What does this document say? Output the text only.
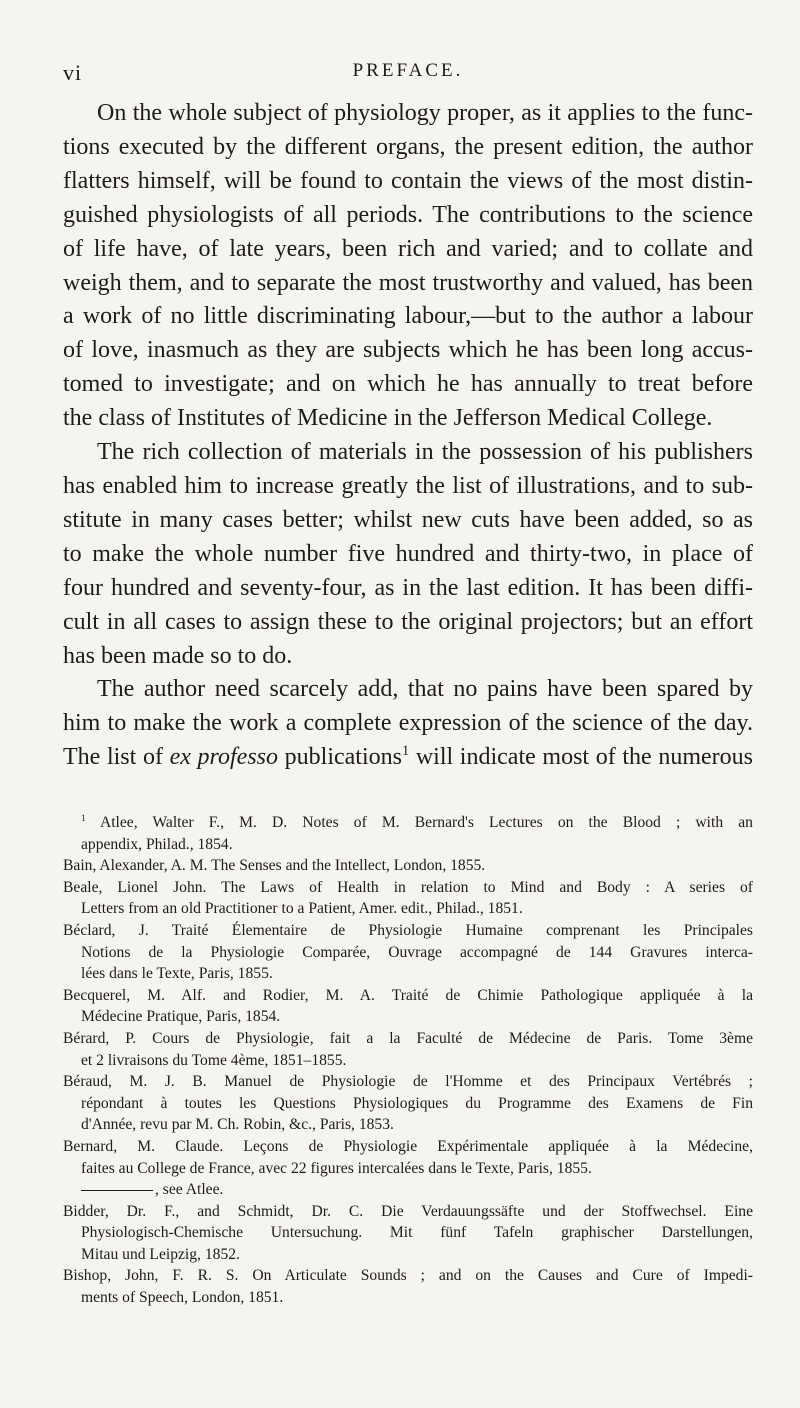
vi	PREFACE.
On the whole subject of physiology proper, as it applies to the func-
tions executed by the different organs, the present edition, the author
flatters himself, will be found to contain the views of the most distin-
guished physiologists of all periods. The contributions to the science
of life have, of late years, been rich and varied; and to collate and
weigh them, and to separate the most trustworthy and valued, has been
a work of no little discriminating labour,—but to the author a labour
of love, inasmuch as they are subjects which he has been long accus-
tomed to investigate; and on which he has annually to treat before
the class of Institutes of Medicine in the Jefferson Medical College.
The rich collection of materials in the possession of his publishers
has enabled him to increase greatly the list of illustrations, and to sub-
stitute in many cases better; whilst new cuts have been added, so as
to make the whole number five hundred and thirty-two, in place of
four hundred and seventy-four, as in the last edition. It has been diffi-
cult in all cases to assign these to the original projectors; but an effort
has been made so to do.
The author need scarcely add, that no pains have been spared by
him to make the work a complete expression of the science of the day.
The list of ex professo publications$^1$ will indicate most of the numerous
$^1$ Atlee, Walter F., M. D. Notes of M. Bernard's Lectures on the Blood ; with an
appendix, Philad., 1854.
Bain, Alexander, A. M. The Senses and the Intellect, London, 1855.
Beale, Lionel John. The Laws of Health in relation to Mind and Body : A series of
Letters from an old Practitioner to a Patient, Amer. edit., Philad., 1851.
Béclard, J. Traité Élementaire de Physiologie Humaine comprenant les Principales
Notions de la Physiologie Comparée, Ouvrage accompagné de 144 Gravures interca-
lées dans le Texte, Paris, 1855.
Becquerel, M. Alf. and Rodier, M. A. Traité de Chimie Pathologique appliquée à la
Médecine Pratique, Paris, 1854.
Bérard, P. Cours de Physiologie, fait a la Faculté de Médecine de Paris. Tome 3ème
et 2 livraisons du Tome 4ème, 1851–1855.
Béraud, M. J. B. Manuel de Physiologie de l'Homme et des Principaux Vertébrés ;
répondant à toutes les Questions Physiologiques du Programme des Examens de Fin
d'Année, revu par M. Ch. Robin, &c., Paris, 1853.
Bernard, M. Claude. Leçons de Physiologie Expérimentale appliquée à la Médecine,
faites au College de France, avec 22 figures intercalées dans le Texte, Paris, 1855.
, see Atlee.
Bidder, Dr. F., and Schmidt, Dr. C. Die Verdauungssäfte und der Stoffwechsel. Eine
Physiologisch-Chemische Untersuchung. Mit fünf Tafeln graphischer Darstellungen,
Mitau und Leipzig, 1852.
Bishop, John, F. R. S. On Articulate Sounds ; and on the Causes and Cure of Impedi-
ments of Speech, London, 1851.
